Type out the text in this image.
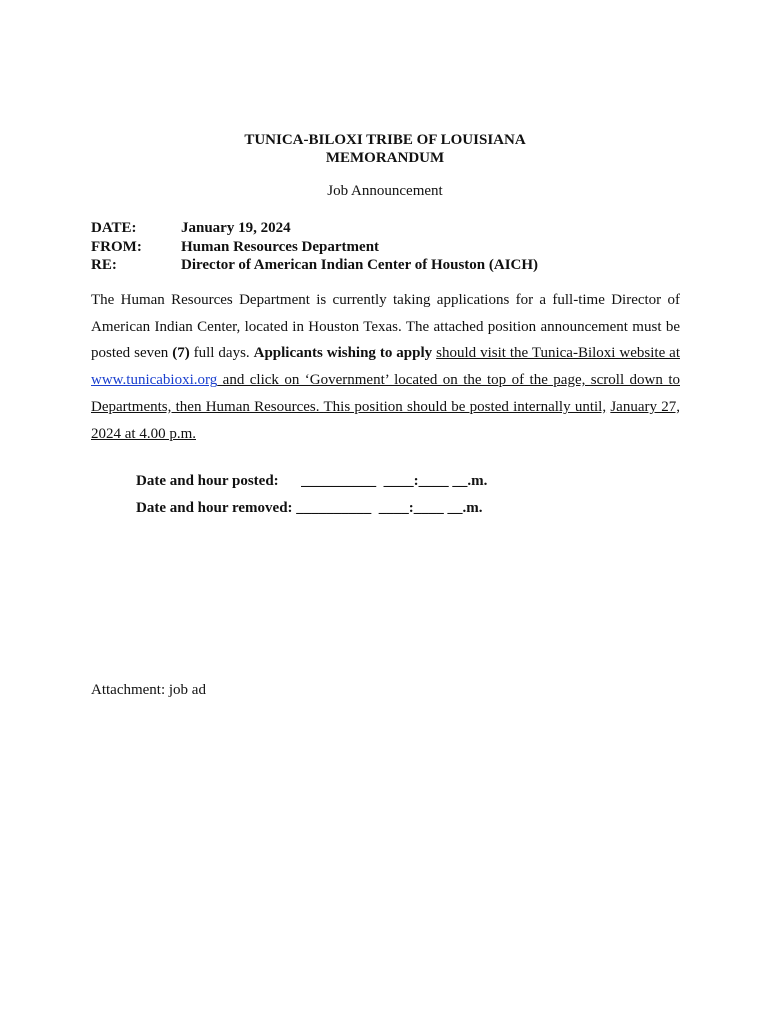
TUNICA-BILOXI TRIBE OF LOUISIANA
MEMORANDUM
Job Announcement
DATE:	January 19, 2024
FROM:	Human Resources Department
RE:	Director of American Indian Center of Houston (AICH)
The Human Resources Department is currently taking applications for a full-time Director of American Indian Center, located in Houston Texas. The attached position announcement must be posted seven (7) full days. Applicants wishing to apply should visit the Tunica-Biloxi website at www.tunicabioxi.org and click on ‘Government’ located on the top of the page, scroll down to Departments, then Human Resources. This position should be posted internally until, January 27, 2024 at 4.00 p.m.
Date and hour posted:      __________  ____:____ __.m.
Date and hour removed: __________  ____:____ __.m.
Attachment: job ad
